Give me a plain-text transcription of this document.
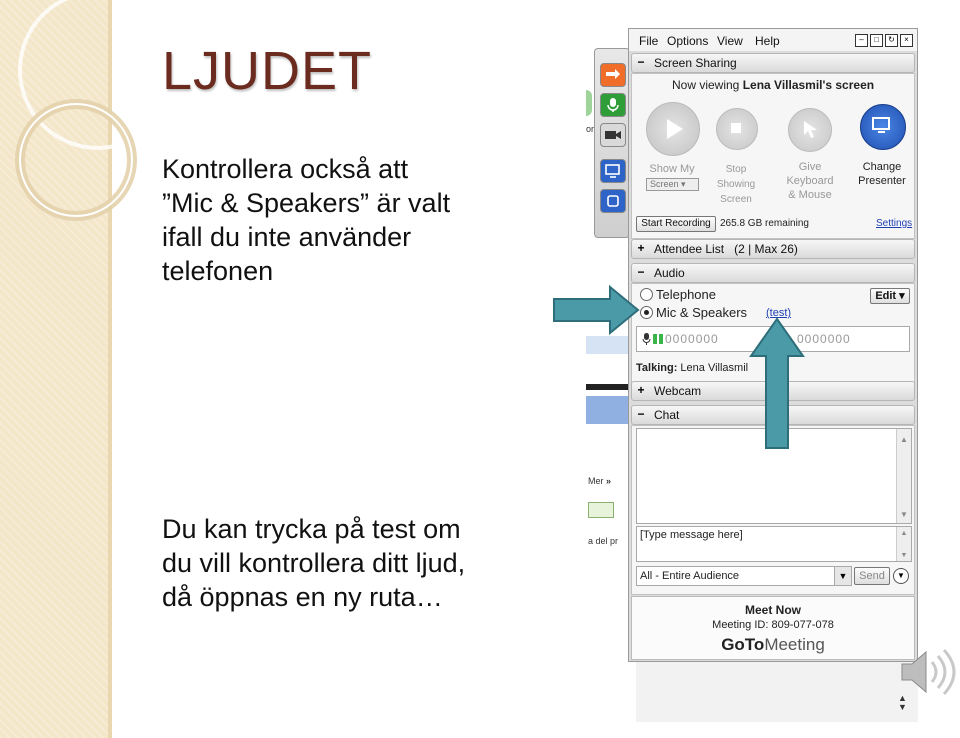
LJUDET
Kontrollera också att
”Mic & Speakers” är valt
ifall du inte använder
telefonen
Du kan trycka på test om
du vill kontrollera ditt ljud,
då öppnas en ny ruta…
or
Mer »
a del pr
File Options View Help	–	□	↻	×
− Screen Sharing
Now viewing Lena Villasmil's screen
Show My
Screen ▾
Stop
Showing
Screen
Give
Keyboard
& Mouse
Change
Presenter
Start Recording 265.8 GB remaining	Settings
+ Attendee List (2 | Max 26)
− Audio
Telephone
Mic & Speakers (test)
Edit ▾
0000000	0000000
Talking: Lena Villasmil
+ Webcam
− Chat
▲
▼
[Type message here]	▲
▼
All - Entire Audience	▼	Send	▼
Meet Now
Meeting ID: 809-077-078
GoToMeeting
▲
▼
